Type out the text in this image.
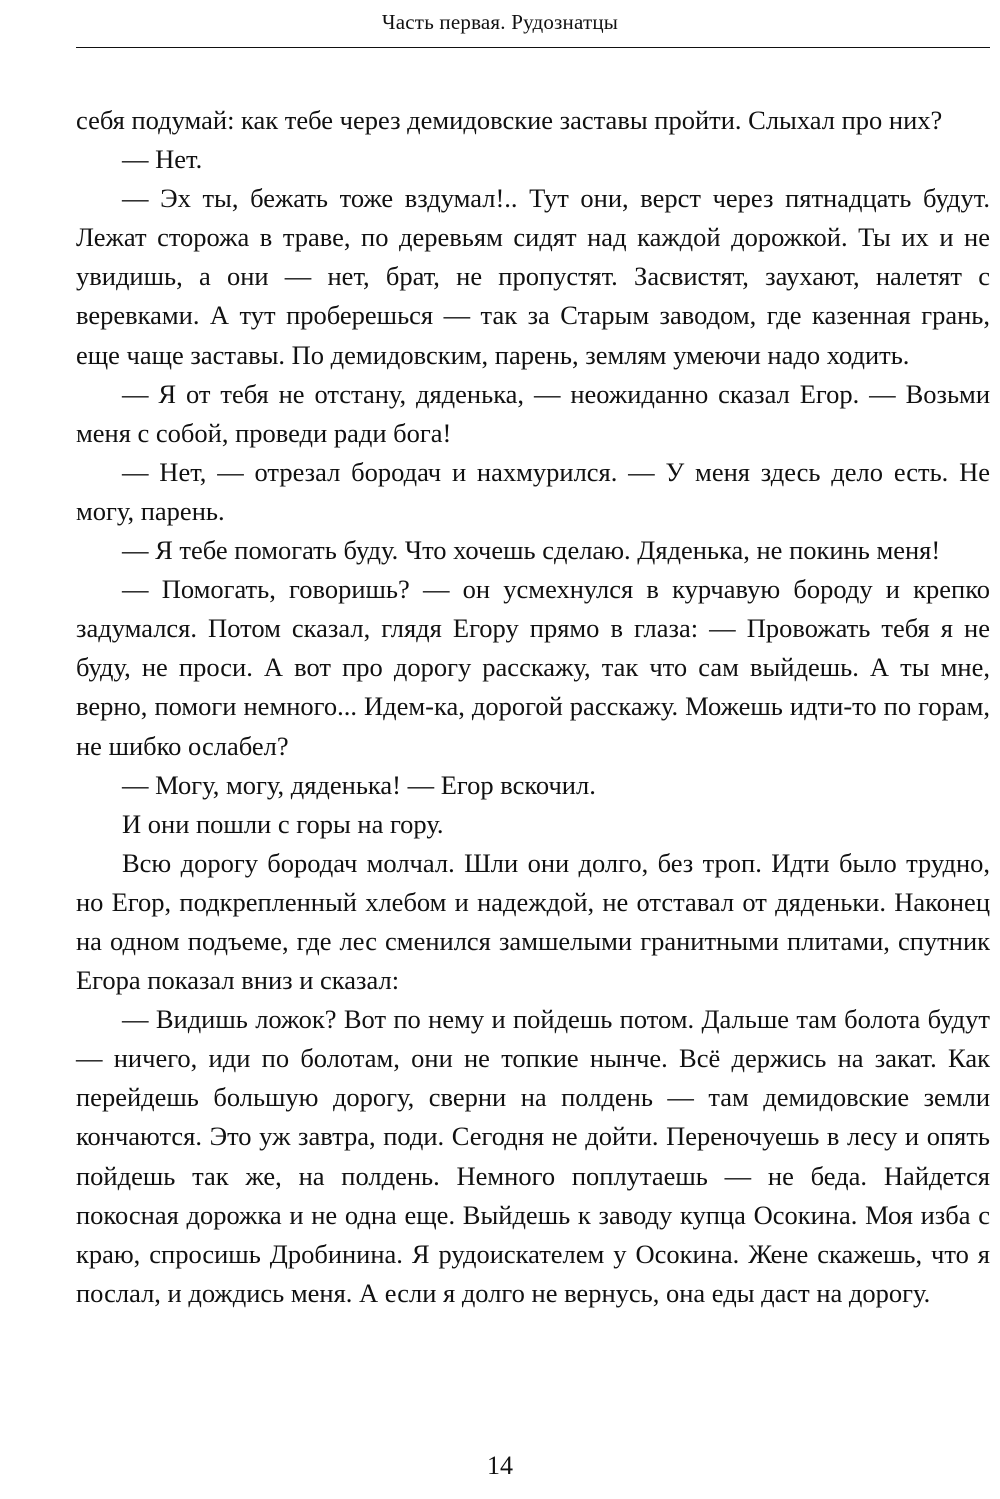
Часть первая. Рудознатцы

себя подумай: как тебе через демидовские заставы пройти. Слыхал про них?

— Нет.

— Эх ты, бежать тоже вздумал!.. Тут они, верст через пятнадцать будут. Лежат сторожа в траве, по деревьям сидят над каждой дорожкой. Ты их и не увидишь, а они — нет, брат, не пропустят. Засвистят, заухают, налетят с веревками. А тут проберешься — так за Старым заводом, где казенная грань, еще чаще заставы. По демидовским, парень, землям умеючи надо ходить.

— Я от тебя не отстану, дяденька, — неожиданно сказал Егор. — Возьми меня с собой, проведи ради бога!

— Нет, — отрезал бородач и нахмурился. — У меня здесь дело есть. Не могу, парень.

— Я тебе помогать буду. Что хочешь сделаю. Дяденька, не покинь меня!

— Помогать, говоришь? — он усмехнулся в курчавую бороду и крепко задумался. Потом сказал, глядя Егору прямо в глаза: — Провожать тебя я не буду, не проси. А вот про дорогу расскажу, так что сам выйдешь. А ты мне, верно, помоги немного... Идем-ка, дорогой расскажу. Можешь идти-то по горам, не шибко ослабел?

— Могу, могу, дяденька! — Егор вскочил.

И они пошли с горы на гору.

Всю дорогу бородач молчал. Шли они долго, без троп. Идти было трудно, но Егор, подкрепленный хлебом и надеждой, не отставал от дяденьки. Наконец на одном подъеме, где лес сменился замшелыми гранитными плитами, спутник Егора показал вниз и сказал:

— Видишь ложок? Вот по нему и пойдешь потом. Дальше там болота будут — ничего, иди по болотам, они не топкие нынче. Всё держись на закат. Как перейдешь большую дорогу, сверни на полдень — там демидовские земли кончаются. Это уж завтра, поди. Сегодня не дойти. Переночуешь в лесу и опять пойдешь так же, на полдень. Немного поплутаешь — не беда. Найдется покосная дорожка и не одна еще. Выйдешь к заводу купца Осокина. Моя изба с краю, спросишь Дробинина. Я рудоискателем у Осокина. Жене скажешь, что я послал, и дождись меня. А если я долго не вернусь, она еды даст на дорогу.

14
